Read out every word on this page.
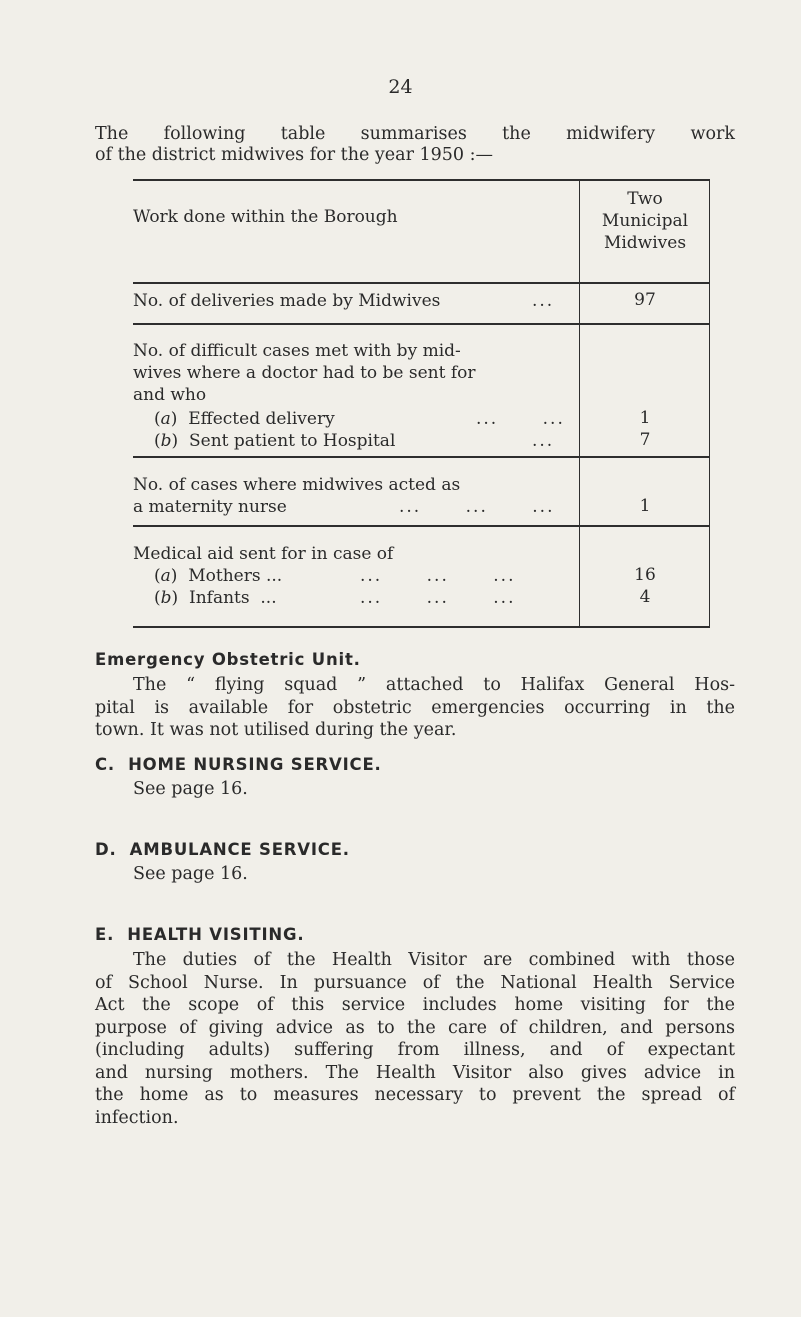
24
The following table summarises the midwifery work
of the district midwives for the year 1950 :—
Work done within the Borough
Two
Municipal
Midwives
No. of deliveries made by Midwives	...	97
No. of difficult cases met with by mid-
wives where a doctor had to be sent for
and who
(a)  Effected delivery	...      ...	1
(b)  Sent patient to Hospital	...	7
No. of cases where midwives acted as
a maternity nurse	...      ...      ...	1
Medical aid sent for in case of
(a)  Mothers ...	...      ...      ...	16
(b)  Infants  ...	...      ...      ...	4
Emergency Obstetric Unit.
The “ flying squad ” attached to Halifax General Hos-
pital is available for obstetric emergencies occurring in the
town. It was not utilised during the year.
C.  HOME NURSING SERVICE.
See page 16.
D.  AMBULANCE SERVICE.
See page 16.
E.  HEALTH VISITING.
The duties of the Health Visitor are combined with those
of School Nurse. In pursuance of the National Health Service
Act the scope of this service includes home visiting for the
purpose of giving advice as to the care of children, and persons
(including adults) suffering from illness, and of expectant
and nursing mothers. The Health Visitor also gives advice in
the home as to measures necessary to prevent the spread of
infection.
